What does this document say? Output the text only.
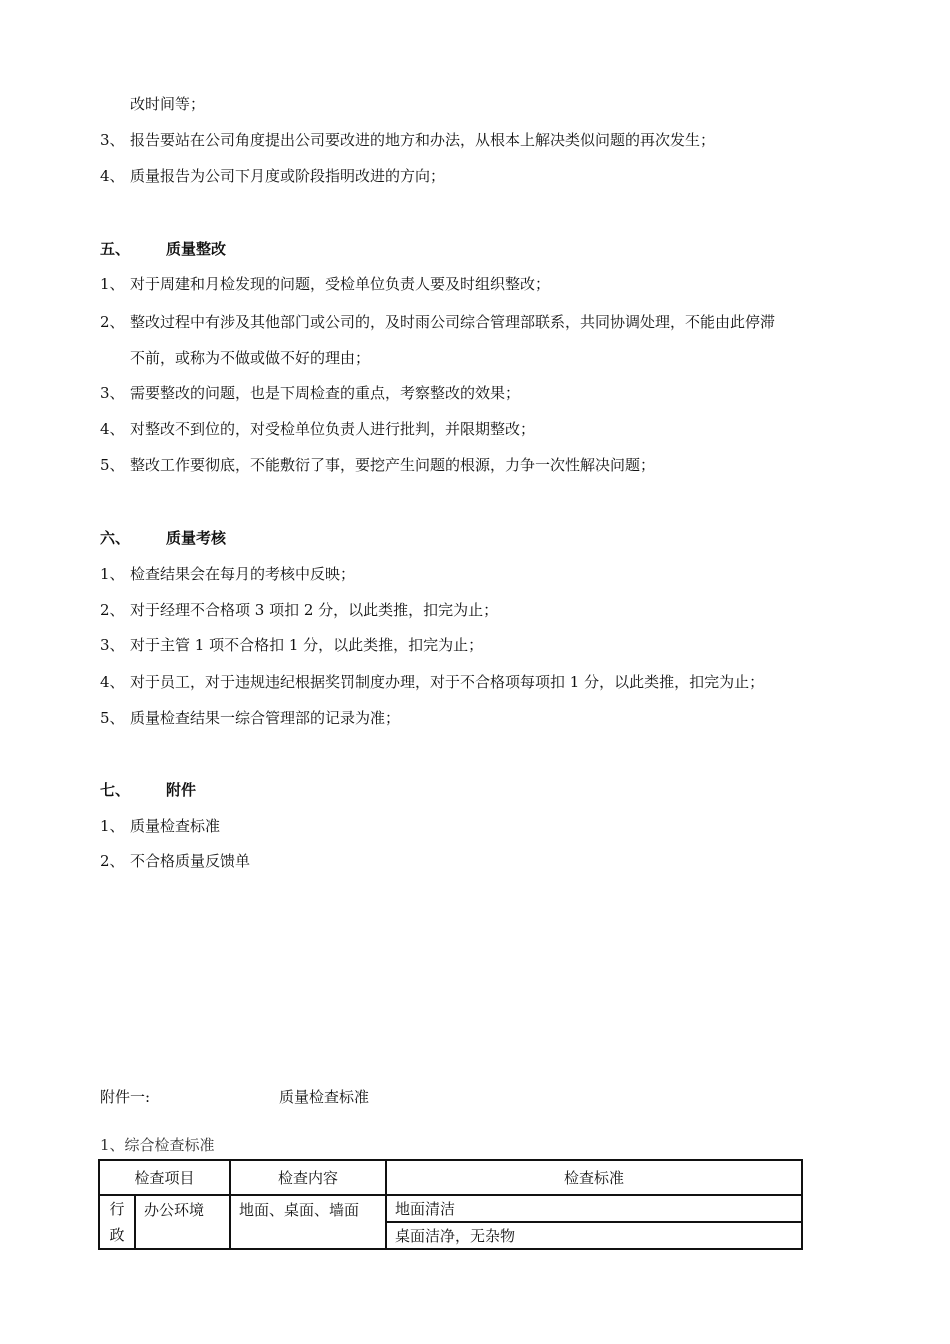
改时间等；
3、 报告要站在公司角度提出公司要改进的地方和办法，从根本上解决类似问题的再次发生；
4、 质量报告为公司下月度或阶段指明改进的方向；
五、 质量整改
1、 对于周建和月检发现的问题，受检单位负责人要及时组织整改；
2、 整改过程中有涉及其他部门或公司的，及时雨公司综合管理部联系，共同协调处理，不能由此停滞
不前，或称为不做或做不好的理由；
3、 需要整改的问题，也是下周检查的重点，考察整改的效果；
4、 对整改不到位的，对受检单位负责人进行批判，并限期整改；
5、 整改工作要彻底，不能敷衍了事，要挖产生问题的根源，力争一次性解决问题；
六、 质量考核
1、 检查结果会在每月的考核中反映；
2、 对于经理不合格项 3 项扣 2 分，以此类推，扣完为止；
3、 对于主管 1 项不合格扣 1 分，以此类推，扣完为止；
4、 对于员工，对于违规违纪根据奖罚制度办理，对于不合格项每项扣 1 分，以此类推，扣完为止；
5、 质量检查结果一综合管理部的记录为准；
七、 附件
1、 质量检查标准
2、 不合格质量反馈单
附件一:	质量检查标准
1、综合检查标准
检查项目		检查内容	检查标准
行政	办公环境	地面、桌面、墙面	地面清洁
			桌面洁净，无杂物
